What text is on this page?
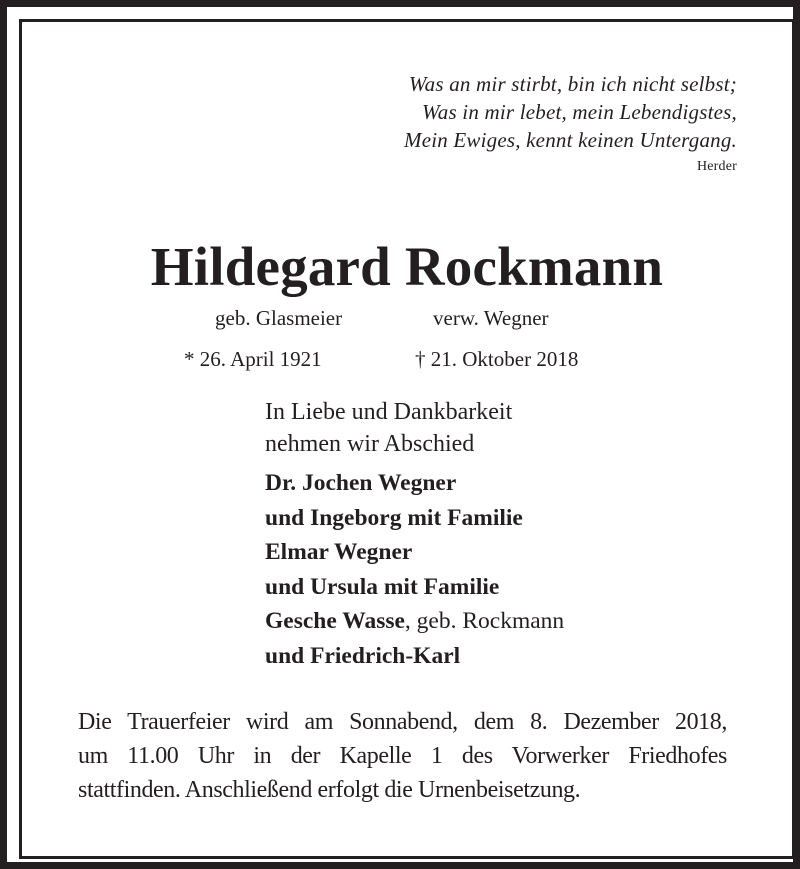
Was an mir stirbt, bin ich nicht selbst;
Was in mir lebet, mein Lebendigstes,
Mein Ewiges, kennt keinen Untergang.
Herder
Hildegard Rockmann
geb. Glasmeier	verw. Wegner
* 26. April 1921	† 21. Oktober 2018
In Liebe und Dankbarkeit
nehmen wir Abschied
Dr. Jochen Wegner
und Ingeborg mit Familie
Elmar Wegner
und Ursula mit Familie
Gesche Wasse, geb. Rockmann
und Friedrich-Karl
Die Trauerfeier wird am Sonnabend, dem 8. Dezember 2018,
um 11.00 Uhr in der Kapelle 1 des Vorwerker Friedhofes
stattfinden. Anschließend erfolgt die Urnenbeisetzung.
